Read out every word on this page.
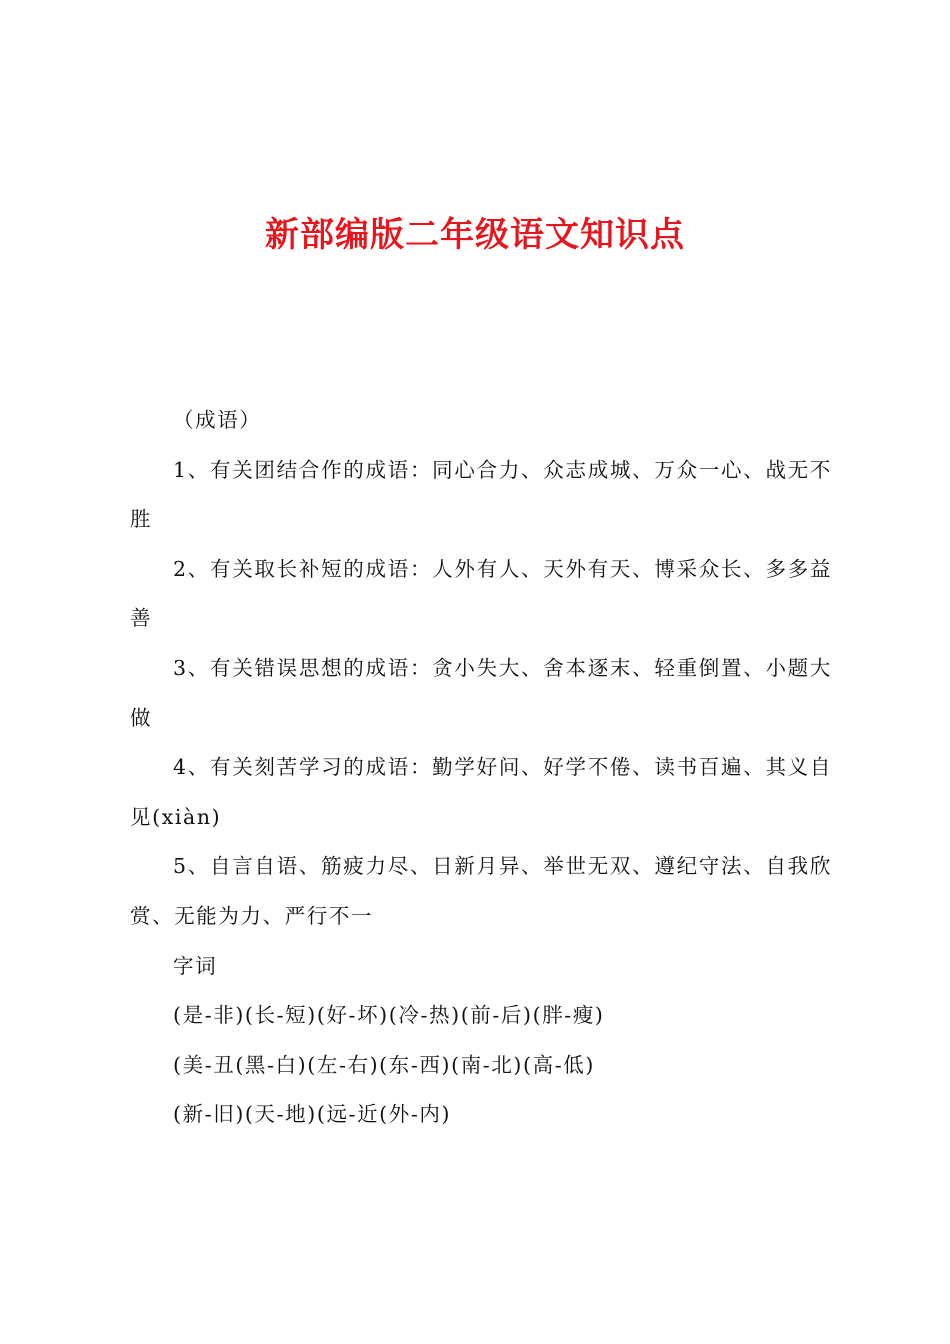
新部编版二年级语文知识点

（成语）

1、有关团结合作的成语：同心合力、众志成城、万众一心、战无不胜

2、有关取长补短的成语：人外有人、天外有天、博采众长、多多益善

3、有关错误思想的成语：贪小失大、舍本逐末、轻重倒置、小题大做

4、有关刻苦学习的成语：勤学好问、好学不倦、读书百遍、其义自见(xiàn)

5、自言自语、筋疲力尽、日新月异、举世无双、遵纪守法、自我欣赏、无能为力、严行不一

字词

(是-非)(长-短)(好-坏)(冷-热)(前-后)(胖-瘦)

(美-丑(黑-白)(左-右)(东-西)(南-北)(高-低)

(新-旧)(天-地)(远-近(外-内)
